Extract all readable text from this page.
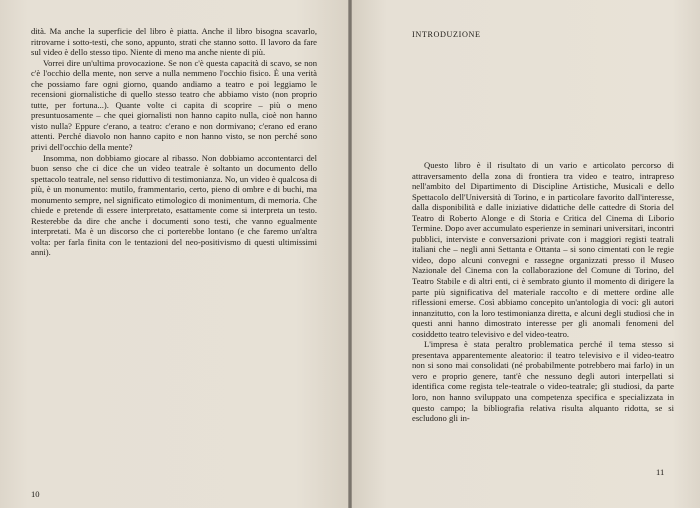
dità. Ma anche la superficie del libro è piatta. Anche il libro bisogna scavarlo, ritrovarne i sotto-testi, che sono, appunto, strati che stanno sotto. Il lavoro da fare sul video è dello stesso tipo. Niente di meno ma anche niente di più.

Vorrei dire un'ultima provocazione. Se non c'è questa capacità di scavo, se non c'è l'occhio della mente, non serve a nulla nemmeno l'occhio fisico. È una verità che possiamo fare ogni giorno, quando andiamo a teatro e poi leggiamo le recensioni giornalistiche di quello stesso teatro che abbiamo visto (non proprio tutte, per fortuna...). Quante volte ci capita di scoprire – più o meno presuntuosamente – che quei giornalisti non hanno capito nulla, cioè non hanno visto nulla? Eppure c'erano, a teatro: c'erano e non dormivano; c'erano ed erano attenti. Perché diavolo non hanno capito e non hanno visto, se non perché sono privi dell'occhio della mente?

Insomma, non dobbiamo giocare al ribasso. Non dobbiamo accontentarci del buon senso che ci dice che un video teatrale è soltanto un documento dello spettacolo teatrale, nel senso riduttivo di testimonianza. No, un video è qualcosa di più, è un monumento: mutilo, frammentario, certo, pieno di ombre e di buchi, ma monumento sempre, nel significato etimologico di monimentum, di memoria. Che chiede e pretende di essere interpretato, esattamente come si interpreta un testo. Resterebbe da dire che anche i documenti sono testi, che vanno egualmente interpretati. Ma è un discorso che ci porterebbe lontano (e che faremo un'altra volta: per farla finita con le tentazioni del neo-positivismo di questi ultimissimi anni).

10
INTRODUZIONE

Questo libro è il risultato di un vario e articolato percorso di attraversamento della zona di frontiera tra video e teatro, intrapreso nell'ambito del Dipartimento di Discipline Artistiche, Musicali e dello Spettacolo dell'Università di Torino, e in particolare favorito dall'interesse, dalla disponibilità e dalle iniziative didattiche delle cattedre di Storia del Teatro di Roberto Alonge e di Storia e Critica del Cinema di Liborio Termine. Dopo aver accumulato esperienze in seminari universitari, incontri pubblici, interviste e conversazioni private con i maggiori registi teatrali italiani che – negli anni Settanta e Ottanta – si sono cimentati con le regie video, dopo alcuni convegni e rassegne organizzati presso il Museo Nazionale del Cinema con la collaborazione del Comune di Torino, del Teatro Stabile e di altri enti, ci è sembrato giunto il momento di dirigere la parte più significativa del materiale raccolto e di mettere ordine alle riflessioni emerse. Così abbiamo concepito un'antologia di voci: gli autori innanzitutto, con la loro testimonianza diretta, e alcuni degli studiosi che in questi anni hanno dimostrato interesse per gli anomali fenomeni del cosiddetto teatro televisivo e del video-teatro.

L'impresa è stata peraltro problematica perché il tema stesso si presentava apparentemente aleatorio: il teatro televisivo e il video-teatro non si sono mai consolidati (né probabilmente potrebbero mai farlo) in un vero e proprio genere, tant'è che nessuno degli autori interpellati si identifica come regista tele-teatrale o video-teatrale; gli studiosi, da parte loro, non hanno sviluppato una competenza specifica e specializzata in questo campo; la bibliografia relativa risulta alquanto ridotta, se si escludono gli in-

11
